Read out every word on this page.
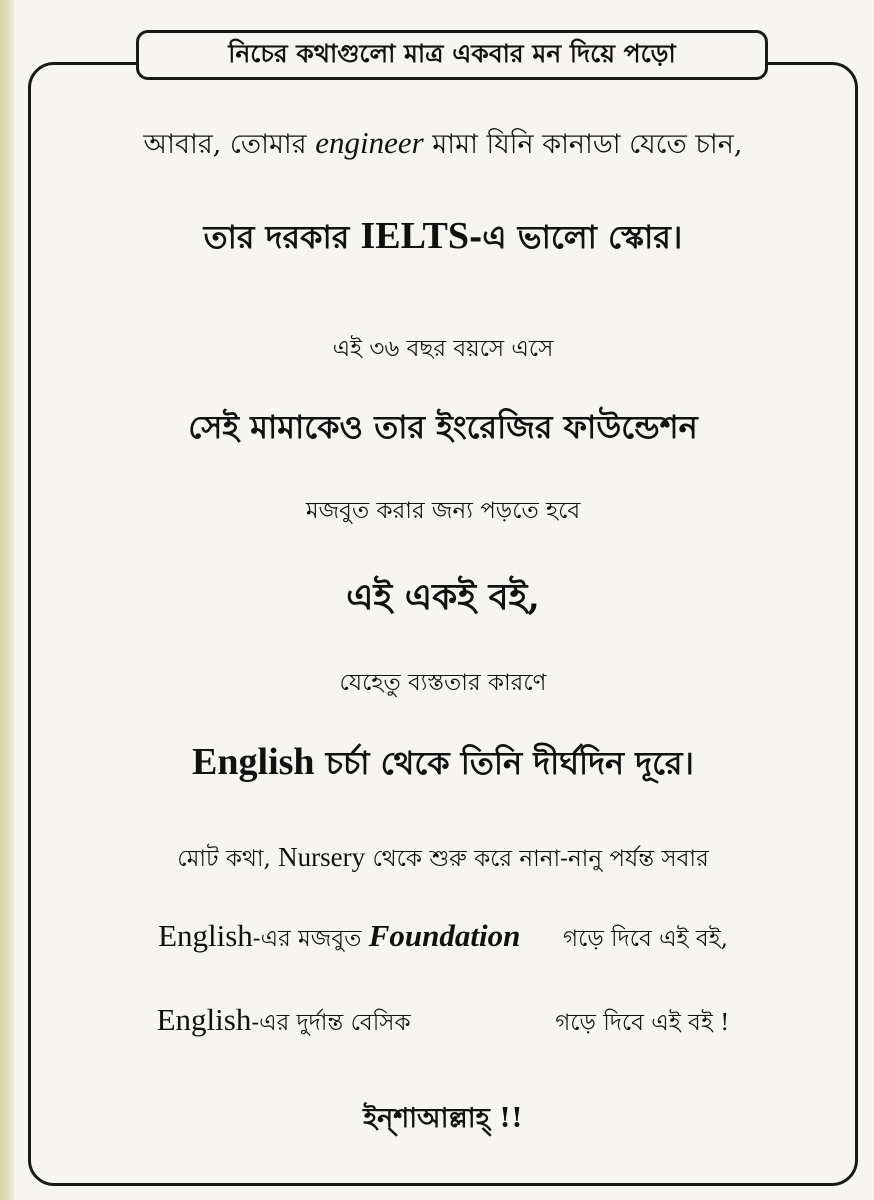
নিচের কথাগুলো মাত্র একবার মন দিয়ে পড়ো
আবার, তোমার engineer মামা যিনি কানাডা যেতে চান,
তার দরকার IELTS-এ ভালো স্কোর।
এই ৩৬ বছর বয়সে এসে
সেই মামাকেও তার ইংরেজির ফাউন্ডেশন
মজবুত করার জন্য পড়তে হবে
এই একই বই,
যেহেতু ব্যস্ততার কারণে
English চর্চা থেকে তিনি দীর্ঘদিন দূরে।
মোট কথা, Nursery থেকে শুরু করে নানা-নানু পর্যন্ত সবার
English-এর মজবুত Foundation গড়ে দিবে এই বই,
English-এর দুর্দান্ত বেসিক	গড়ে দিবে এই বই !
ইন্শাআল্লাহ্ !!
